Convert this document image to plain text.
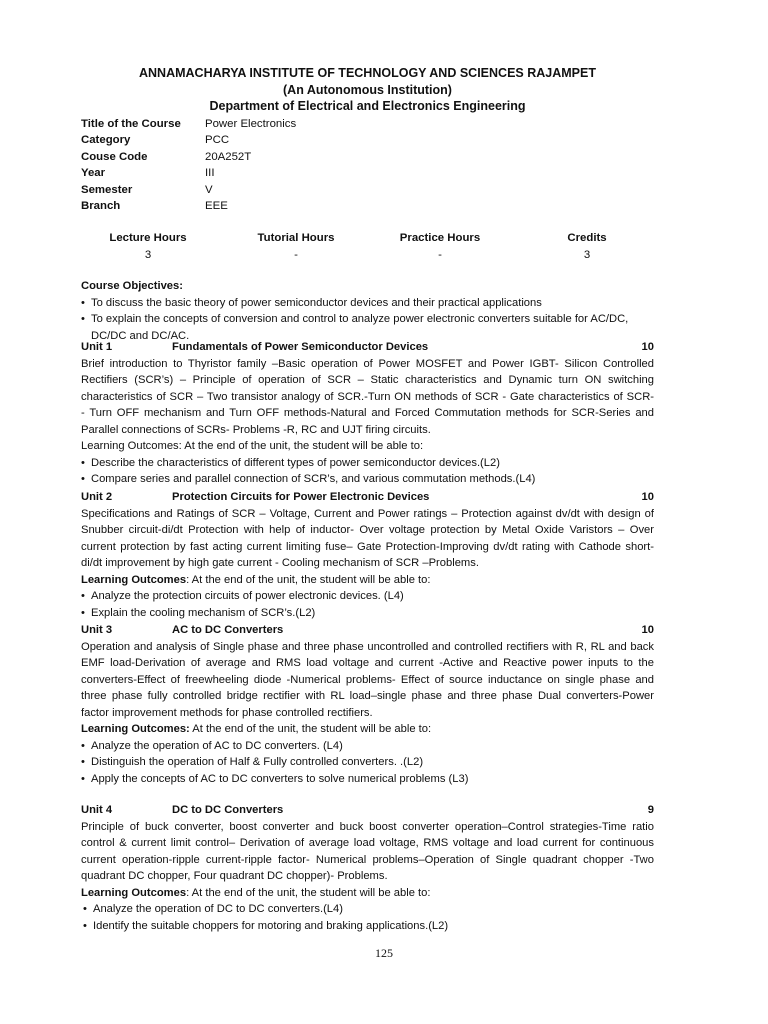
ANNAMACHARYA INSTITUTE OF TECHNOLOGY AND SCIENCES RAJAMPET
(An Autonomous Institution)
Department of Electrical and Electronics Engineering
Title of the Course	Power Electronics
Category	PCC
Couse Code	20A252T
Year	III
Semester	V
Branch	EEE
Lecture Hours	Tutorial Hours	Practice Hours	Credits
3	-	-	3
Course Objectives:
• To discuss the basic theory of power semiconductor devices and their practical applications
• To explain the concepts of conversion and control to analyze power electronic converters suitable for AC/DC,
DC/DC and DC/AC.
Unit 1	Fundamentals of Power Semiconductor Devices	10
Brief introduction to Thyristor family –Basic operation of Power MOSFET and Power IGBT- Silicon Controlled
Rectifiers (SCR’s) – Principle of operation of SCR – Static characteristics and Dynamic turn ON switching
characteristics of SCR – Two transistor analogy of SCR.-Turn ON methods of SCR - Gate characteristics of SCR-
- Turn OFF mechanism and Turn OFF methods-Natural and Forced Commutation methods for SCR-Series and
Parallel connections of SCRs- Problems -R, RC and UJT firing circuits.
Learning Outcomes: At the end of the unit, the student will be able to:
• Describe the characteristics of different types of power semiconductor devices.(L2)
• Compare series and parallel connection of SCR’s, and various commutation methods.(L4)
Unit 2	Protection Circuits for Power Electronic Devices	10
Specifications and Ratings of SCR – Voltage, Current and Power ratings – Protection against dv/dt with design of
Snubber circuit-di/dt Protection with help of inductor- Over voltage protection by Metal Oxide Varistors – Over
current protection by fast acting current limiting fuse– Gate Protection-Improving dv/dt rating with Cathode short-
di/dt improvement by high gate current - Cooling mechanism of SCR –Problems.
Learning Outcomes: At the end of the unit, the student will be able to:
• Analyze the protection circuits of power electronic devices. (L4)
• Explain the cooling mechanism of SCR’s.(L2)
Unit 3	AC to DC Converters	10
Operation and analysis of Single phase and three phase uncontrolled and controlled rectifiers with R, RL and back
EMF load-Derivation of average and RMS load voltage and current -Active and Reactive power inputs to the
converters-Effect of freewheeling diode -Numerical problems- Effect of source inductance on single phase and
three phase fully controlled bridge rectifier with RL load–single phase and three phase Dual converters-Power
factor improvement methods for phase controlled rectifiers.
Learning Outcomes: At the end of the unit, the student will be able to:
• Analyze the operation of AC to DC converters. (L4)
• Distinguish the operation of Half & Fully controlled converters. .(L2)
• Apply the concepts of AC to DC converters to solve numerical problems (L3)
Unit 4	DC to DC Converters	9
Principle of buck converter, boost converter and buck boost converter operation–Control strategies-Time ratio
control & current limit control– Derivation of average load voltage, RMS voltage and load current for continuous
current operation-ripple current-ripple factor- Numerical problems–Operation of Single quadrant chopper -Two
quadrant DC chopper, Four quadrant DC chopper)- Problems.
Learning Outcomes: At the end of the unit, the student will be able to:
• Analyze the operation of DC to DC converters.(L4)
• Identify the suitable choppers for motoring and braking applications.(L2)
125
